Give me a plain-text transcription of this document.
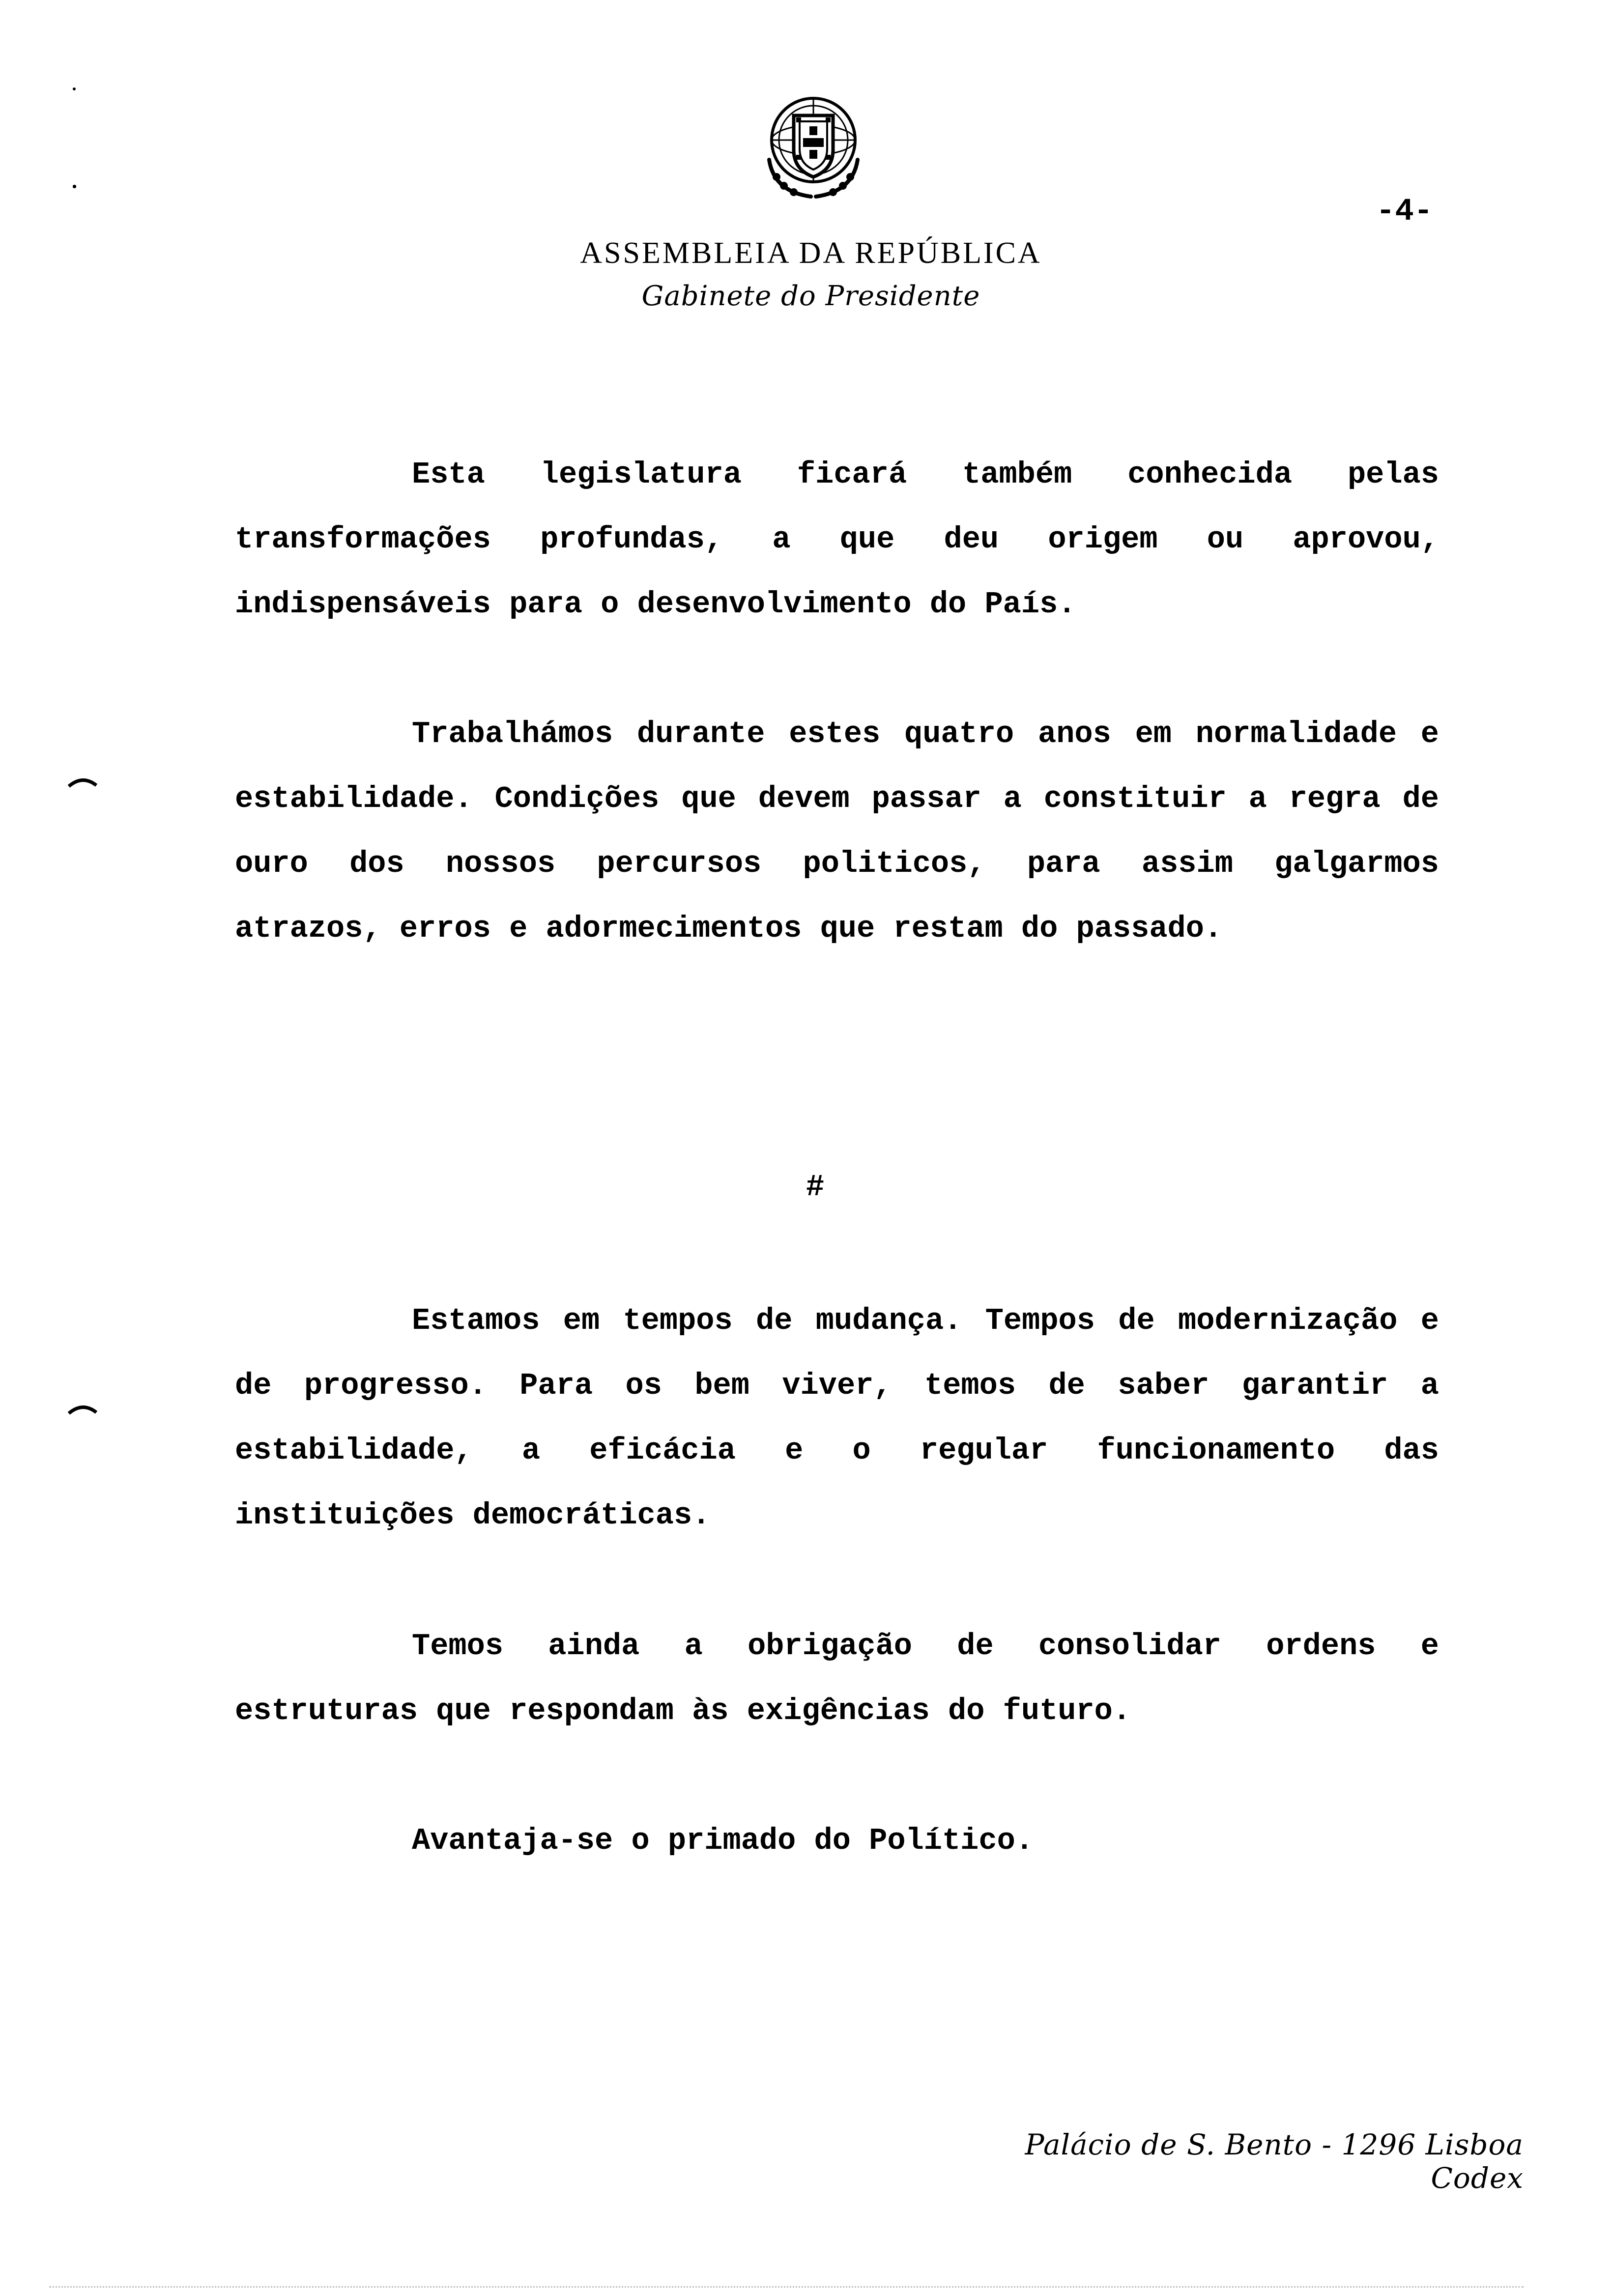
-4-
ASSEMBLEIA DA REPÚBLICA
Gabinete do Presidente

Esta legislatura ficará também conhecida pelas transformações profundas, a que deu origem ou aprovou, indispensáveis para o desenvolvimento do País.

Trabalhámos durante estes quatro anos em normalidade e estabilidade. Condições que devem passar a constituir a regra de ouro dos nossos percursos politicos, para assim galgarmos atrazos, erros e adormecimentos que restam do passado.

#

Estamos em tempos de mudança. Tempos de modernização e de progresso. Para os bem viver, temos de saber garantir a estabilidade, a eficácia e o regular funcionamento das instituições democráticas.

Temos ainda a obrigação de consolidar ordens e estruturas que respondam às exigências do futuro.

Avantaja-se o primado do Político.

Palácio de S. Bento - 1296 Lisboa Codex
